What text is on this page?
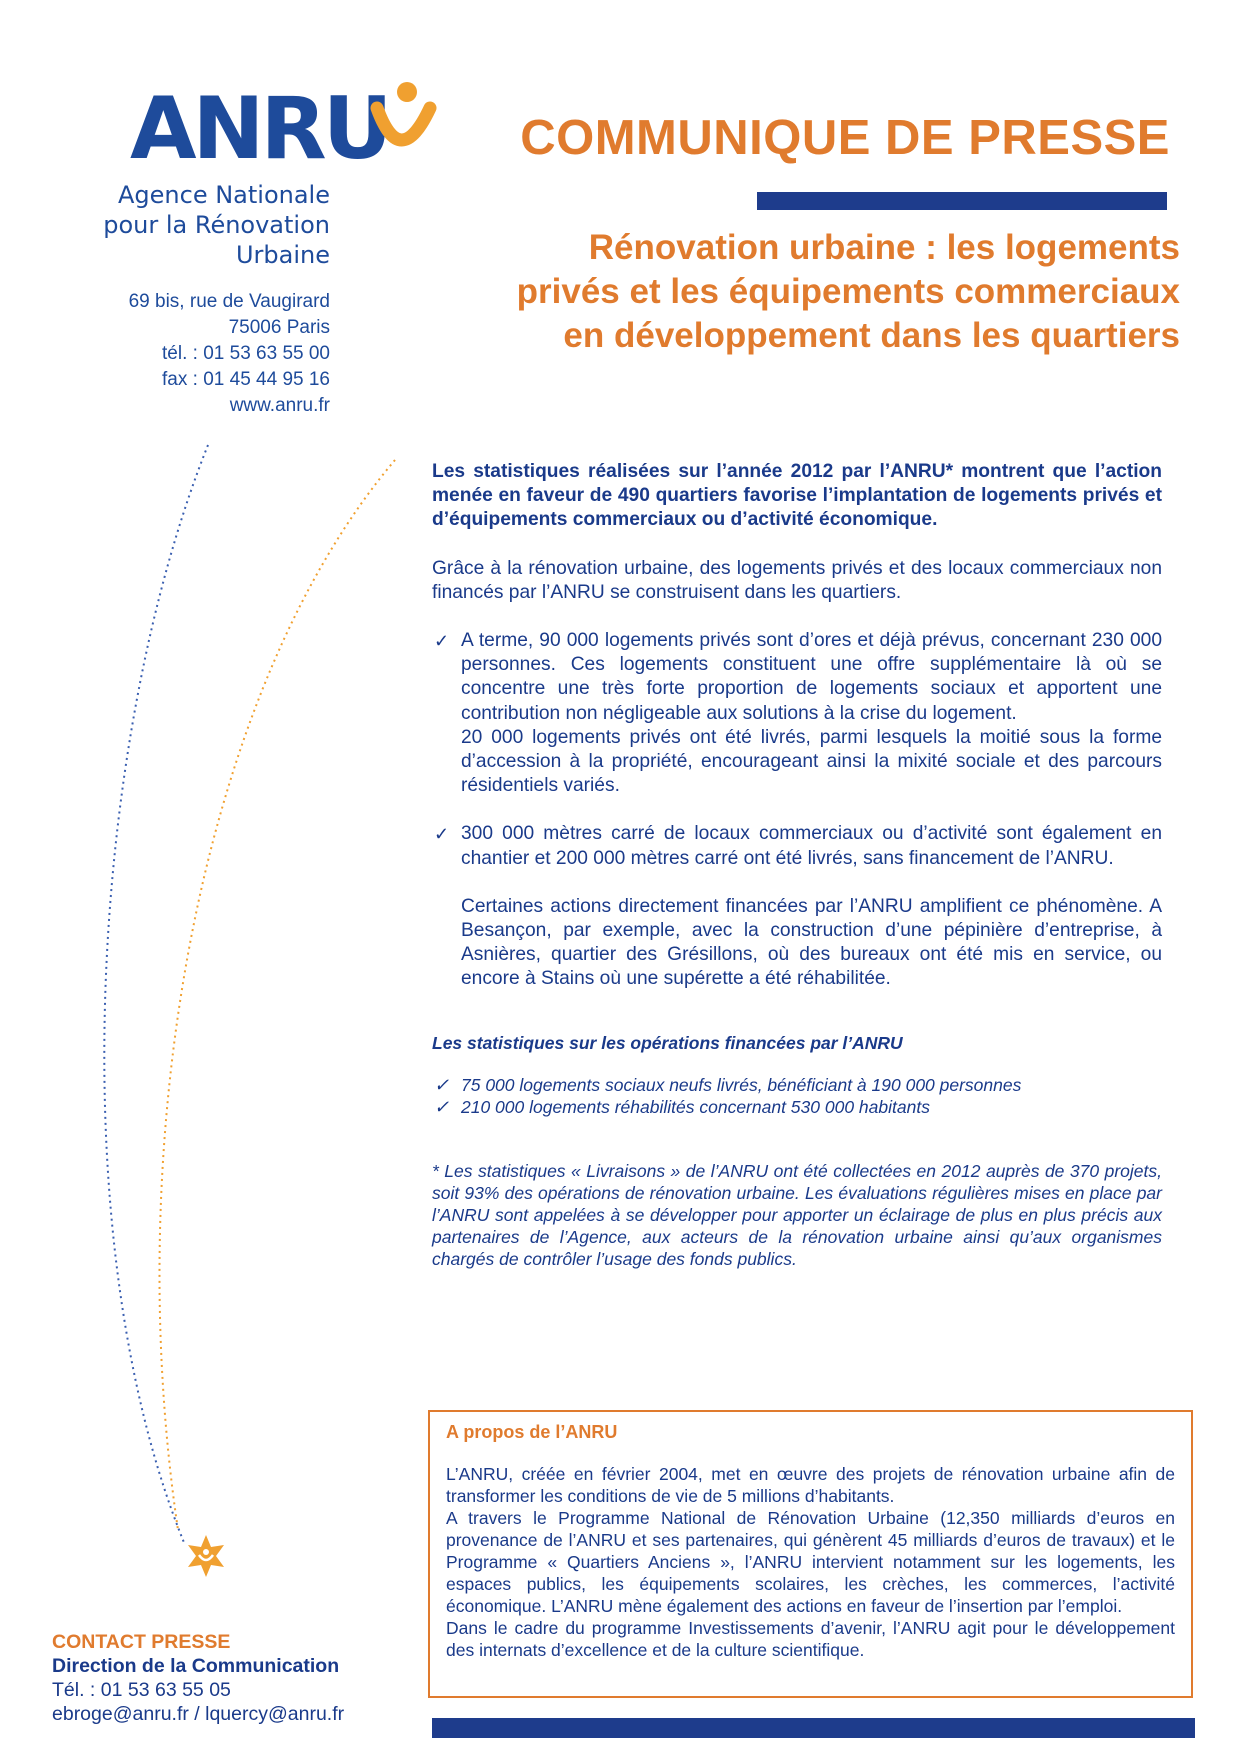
ANRU
Agence Nationale
pour la Rénovation
Urbaine
69 bis, rue de Vaugirard
75006 Paris
tél. : 01 53 63 55 00
fax : 01 45 44 95 16
www.anru.fr
COMMUNIQUE DE PRESSE
Rénovation urbaine : les logements
privés et les équipements commerciaux
en développement dans les quartiers

Les statistiques réalisées sur l’année 2012 par l’ANRU* montrent que l’action menée en faveur de 490 quartiers favorise l’implantation de logements privés et d’équipements commerciaux ou d’activité économique.

Grâce à la rénovation urbaine, des logements privés et des locaux commerciaux non financés par l’ANRU se construisent dans les quartiers.

✓ A terme, 90 000 logements privés sont d’ores et déjà prévus, concernant 230 000 personnes. Ces logements constituent une offre supplémentaire là où se concentre une très forte proportion de logements sociaux et apportent une contribution non négligeable aux solutions à la crise du logement.

20 000 logements privés ont été livrés, parmi lesquels la moitié sous la forme d’accession à la propriété, encourageant ainsi la mixité sociale et des parcours résidentiels variés.

✓ 300 000 mètres carré de locaux commerciaux ou d’activité sont également en chantier et 200 000 mètres carré ont été livrés, sans financement de l’ANRU.

Certaines actions directement financées par l’ANRU amplifient ce phénomène. A Besançon, par exemple, avec la construction d’une pépinière d’entreprise, à Asnières, quartier des Grésillons, où des bureaux ont été mis en service, ou encore à Stains où une supérette a été réhabilitée.

Les statistiques sur les opérations financées par l’ANRU

✓ 75 000 logements sociaux neufs livrés, bénéficiant à 190 000 personnes
✓ 210 000 logements réhabilités concernant 530 000 habitants

* Les statistiques « Livraisons » de l’ANRU ont été collectées en 2012 auprès de 370 projets, soit 93% des opérations de rénovation urbaine. Les évaluations régulières mises en place par l’ANRU sont appelées à se développer pour apporter un éclairage de plus en plus précis aux partenaires de l’Agence, aux acteurs de la rénovation urbaine ainsi qu’aux organismes chargés de contrôler l’usage des fonds publics.

A propos de l’ANRU

L’ANRU, créée en février 2004, met en œuvre des projets de rénovation urbaine afin de transformer les conditions de vie de 5 millions d’habitants.

A travers le Programme National de Rénovation Urbaine (12,350 milliards d’euros en provenance de l’ANRU et ses partenaires, qui génèrent 45 milliards d’euros de travaux) et le Programme « Quartiers Anciens », l’ANRU intervient notamment sur les logements, les espaces publics, les équipements scolaires, les crèches, les commerces, l’activité économique. L’ANRU mène également des actions en faveur de l’insertion par l’emploi.

Dans le cadre du programme Investissements d’avenir, l’ANRU agit pour le développement des internats d’excellence et de la culture scientifique.

CONTACT PRESSE
Direction de la Communication
Tél. : 01 53 63 55 05
ebroge@anru.fr / lquercy@anru.fr
